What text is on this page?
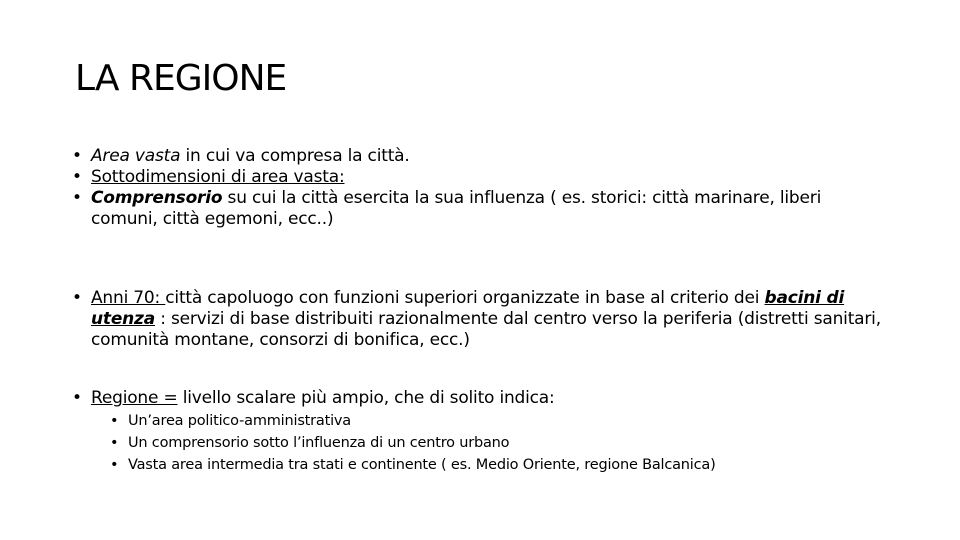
LA REGIONE
• Area vasta in cui va compresa la città.
• Sottodimensioni di area vasta:
• Comprensorio su cui la città esercita la sua influenza ( es. storici: città marinare, liberi comuni, città egemoni, ecc..)
• Anni 70: città capoluogo con funzioni superiori organizzate in base al criterio dei bacini di utenza : servizi di base distribuiti razionalmente dal centro verso la periferia (distretti sanitari, comunità montane, consorzi di bonifica, ecc.)
• Regione = livello scalare più ampio, che di solito indica:
• Un’area politico-amministrativa
• Un comprensorio sotto l’influenza di un centro urbano
• Vasta area intermedia tra stati e continente ( es. Medio Oriente, regione Balcanica)
